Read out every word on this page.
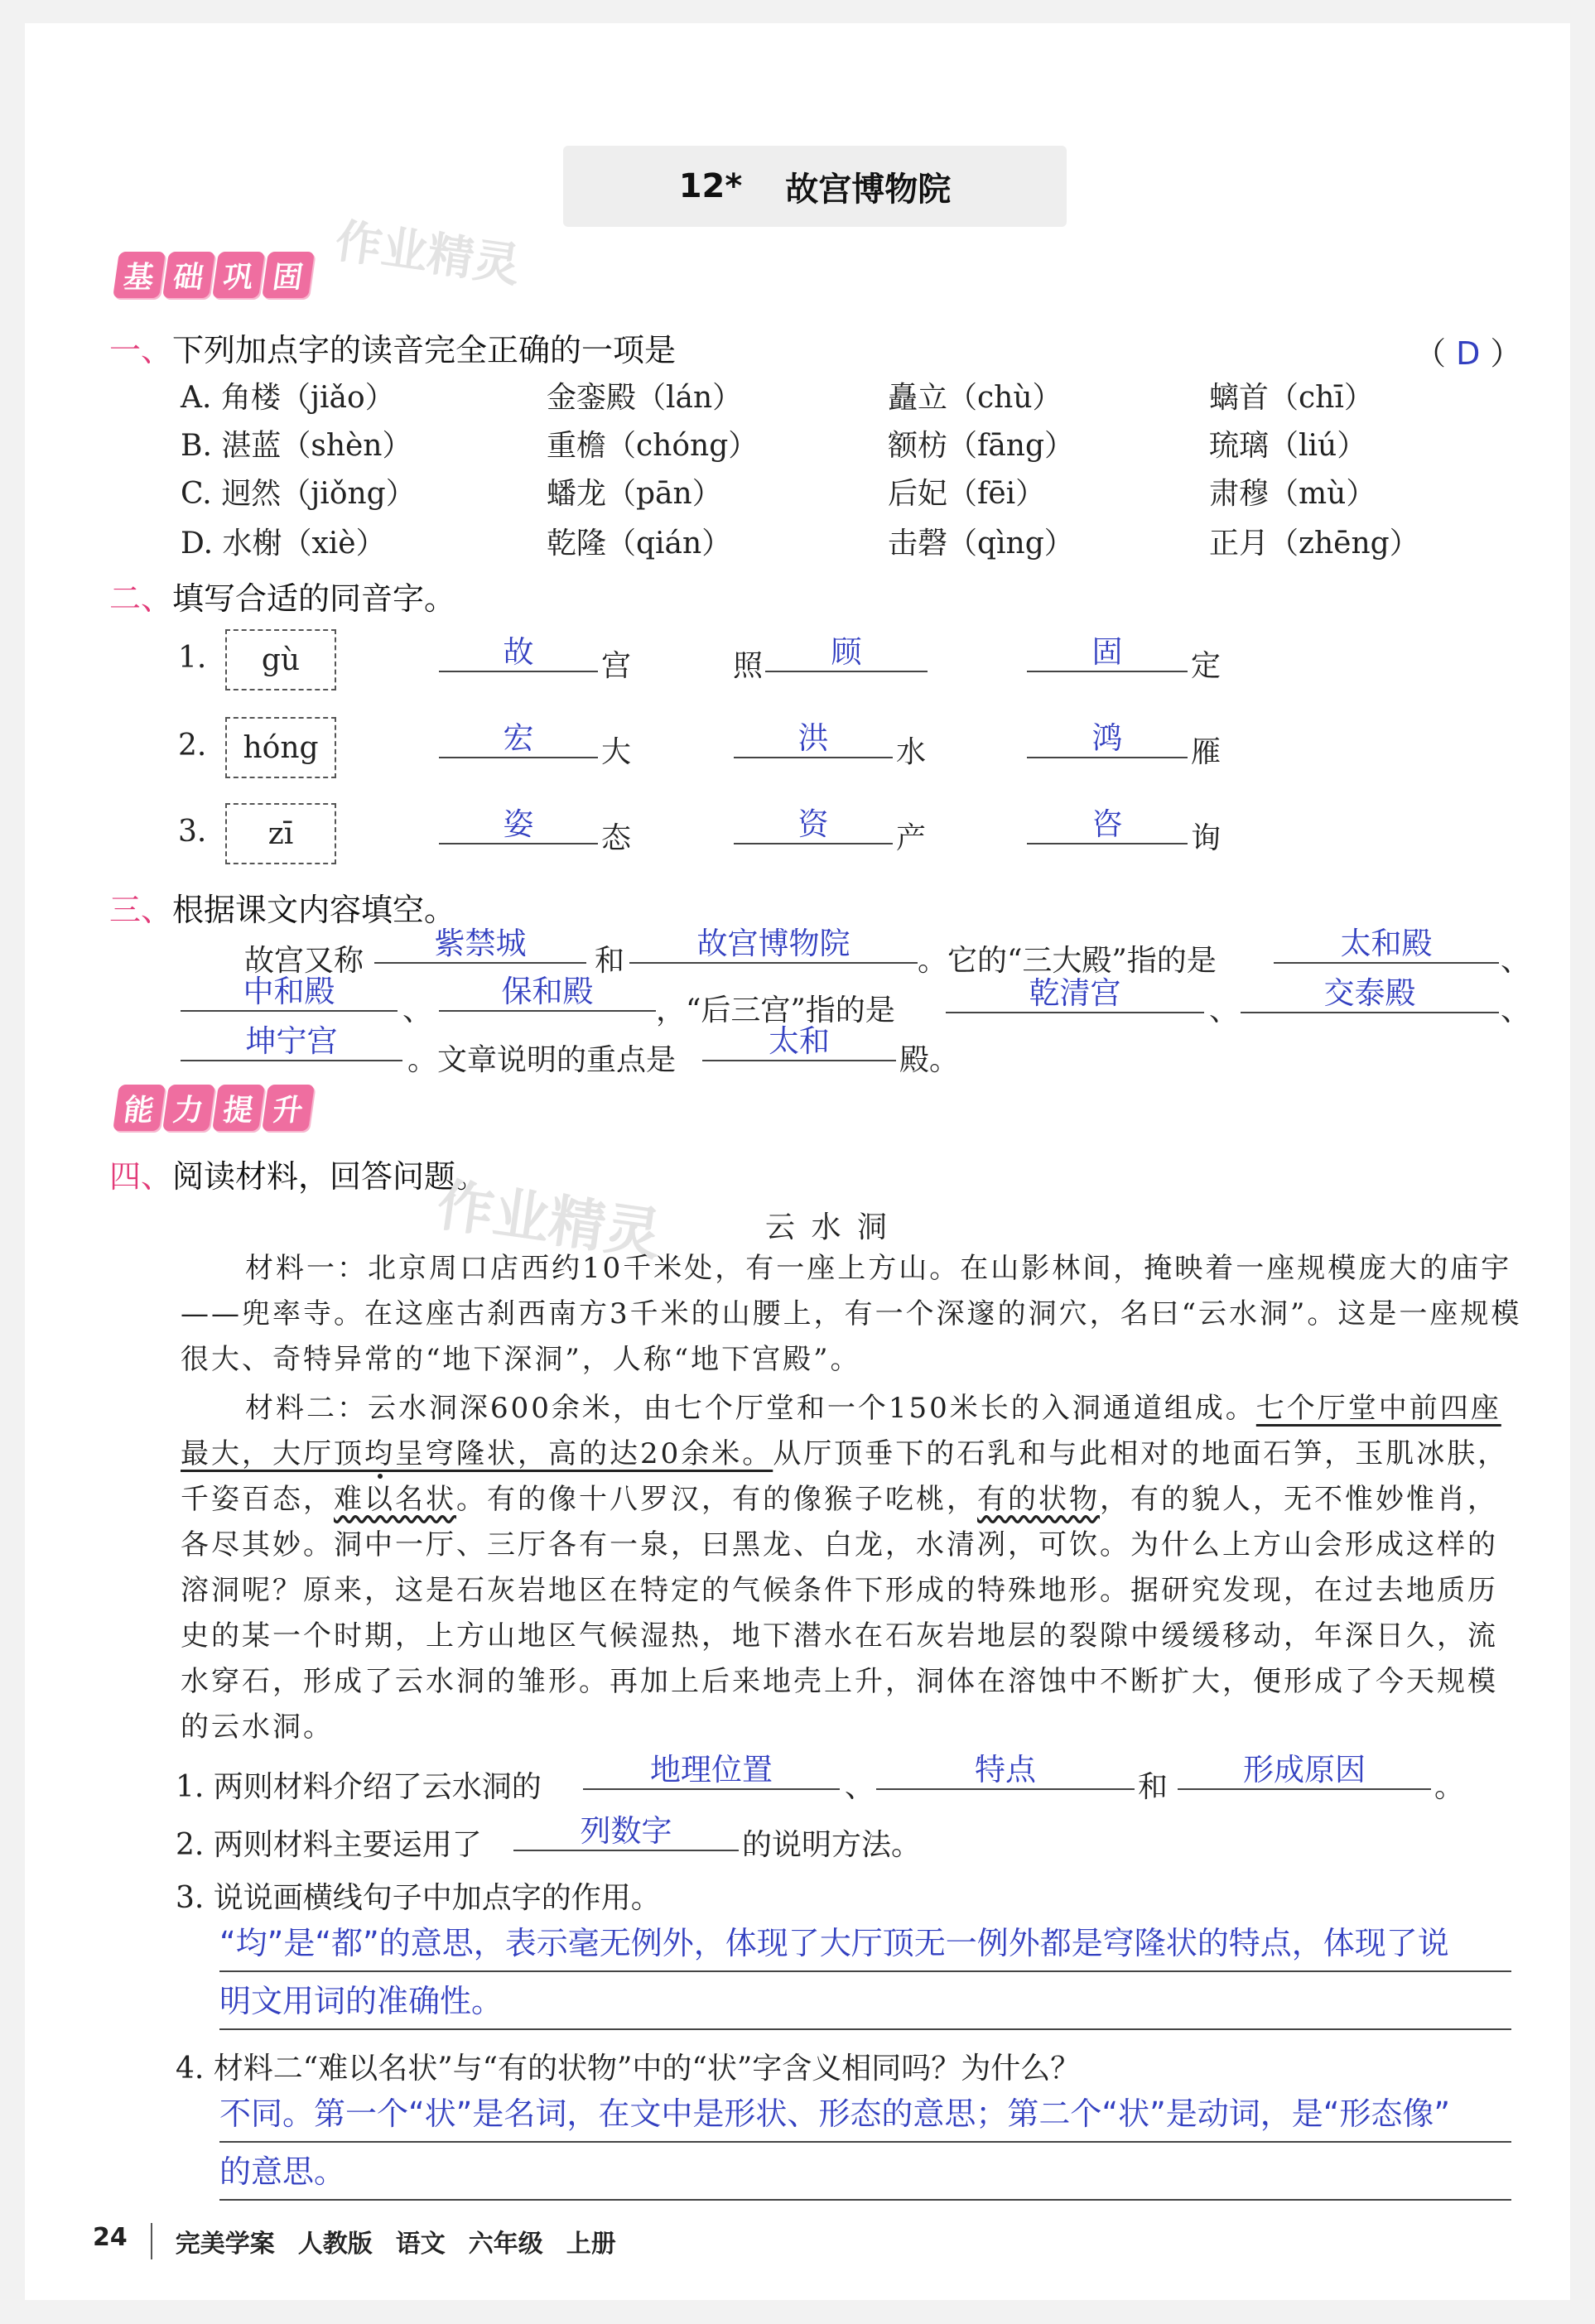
12* 故宫博物院
基 础 巩 固 作业精灵
一、下列加点字的读音完全正确的一项是	（ D ）
A. 角楼（jiǎo）	金銮殿（lán）	矗立（chù）	螭首（chī）
B. 湛蓝（shèn）	重檐（chóng）	额枋（fāng）	琉璃（liú）
C. 迥然（jiǒng）	蟠龙（pān）	后妃（fēi）	肃穆（mù）
D. 水榭（xiè）	乾隆（qián）	击磬（qìng）	正月（zhēng）
二、填写合适的同音字。
1.	gù	故	宫	照	顾	固	定
2.	hóng	宏	大	洪	水	鸿	雁
3.	zī	姿	态	资	产	咨	询
三、根据课文内容填空。
故宫又称	紫禁城	和	故宫博物院	。它的“三大殿”指的是	太和殿	、
中和殿
、
保和殿
，“后三宫”指的是	乾清宫	、	交泰殿	、
坤宁宫
。文章说明的重点是
太和
殿。
能 力 提 升
四、阅读材料，回答问题。
作业精灵	云 水 洞
材料一：北京周口店西约10千米处，有一座上方山。在山影林间，掩映着一座规模庞大的庙宇——兜率寺。在这座古刹西南方3千米的山腰上，有一个深邃的洞穴，名曰“云水洞”。这是一座规模很大、奇特异常的“地下深洞”，人称“地下宫殿”。
材料二：云水洞深600余米，由七个厅堂和一个150米长的入洞通道组成。七个厅堂中前四座最大，大厅顶均呈穹隆状，高的达20余米。从厅顶垂下的石乳和与此相对的地面石笋，玉肌冰肤，千姿百态，难以名状。有的像十八罗汉，有的像猴子吃桃，有的状物，有的貌人，无不惟妙惟肖，各尽其妙。洞中一厅、三厅各有一泉，曰黑龙、白龙，水清冽，可饮。为什么上方山会形成这样的溶洞呢？原来，这是石灰岩地区在特定的气候条件下形成的特殊地形。据研究发现，在过去地质历史的某一个时期，上方山地区气候湿热，地下潜水在石灰岩地层的裂隙中缓缓移动，年深日久，流水穿石，形成了云水洞的雏形。再加上后来地壳上升，洞体在溶蚀中不断扩大，便形成了今天规模的云水洞。
1. 两则材料介绍了云水洞的	地理位置	、	特点	和	形成原因	。
2. 两则材料主要运用了	列数字	的说明方法。
3. 说说画横线句子中加点字的作用。
“均”是“都”的意思，表示毫无例外，体现了大厅顶无一例外都是穹隆状的特点，体现了说
明文用词的准确性。
4. 材料二“难以名状”与“有的状物”中的“状”字含义相同吗？为什么？
不同。第一个“状”是名词，在文中是形状、形态的意思；第二个“状”是动词，是“形态像”
的意思。
24 完美学案 人教版 语文 六年级 上册
